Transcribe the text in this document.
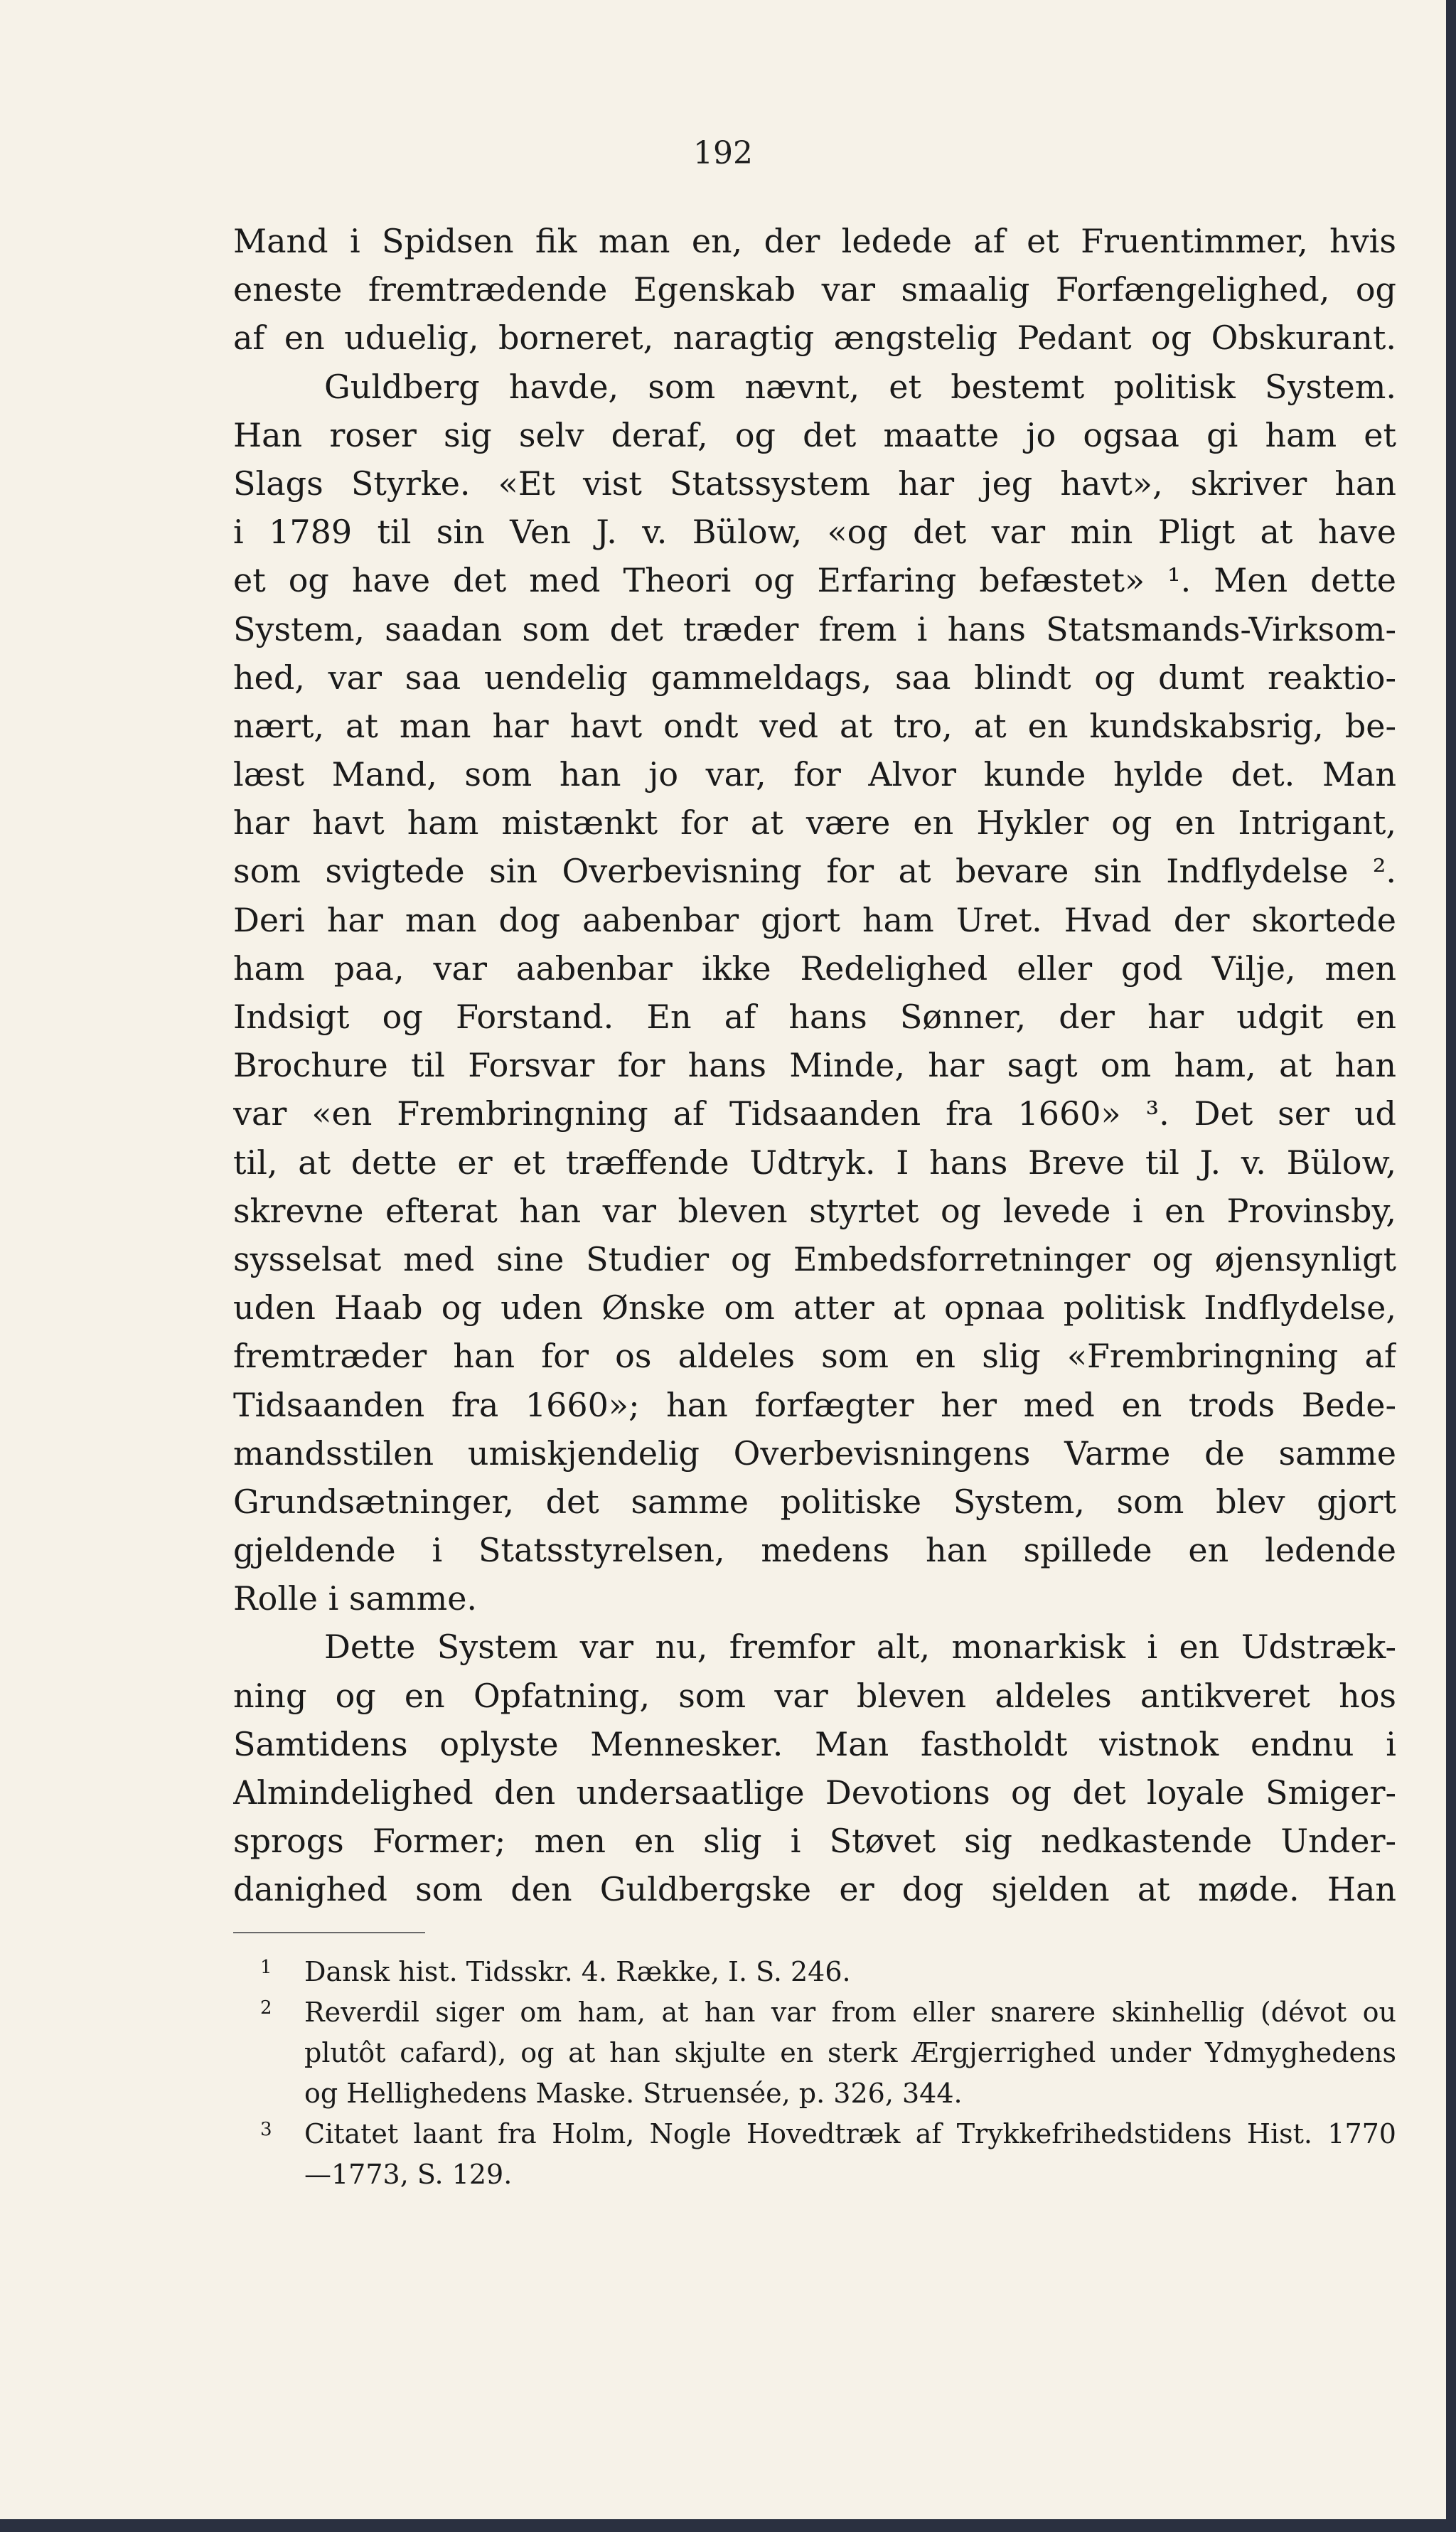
192
Mand i Spidsen fik man en, der ledede af et Fruentimmer, hvis
eneste fremtrædende Egenskab var smaalig Forfængelighed, og
af en uduelig, borneret, naragtig ængstelig Pedant og Obskurant.
Guldberg havde, som nævnt, et bestemt politisk System.
Han roser sig selv deraf, og det maatte jo ogsaa gi ham et
Slags Styrke. «Et vist Statssystem har jeg havt», skriver han
i 1789 til sin Ven J. v. Bülow, «og det var min Pligt at have
et og have det med Theori og Erfaring befæstet» ¹. Men dette
System, saadan som det træder frem i hans Statsmands-Virksom-
hed, var saa uendelig gammeldags, saa blindt og dumt reaktio-
nært, at man har havt ondt ved at tro, at en kundskabsrig, be-
læst Mand, som han jo var, for Alvor kunde hylde det. Man
har havt ham mistænkt for at være en Hykler og en Intrigant,
som svigtede sin Overbevisning for at bevare sin Indflydelse ².
Deri har man dog aabenbar gjort ham Uret. Hvad der skortede
ham paa, var aabenbar ikke Redelighed eller god Vilje, men
Indsigt og Forstand. En af hans Sønner, der har udgit en
Brochure til Forsvar for hans Minde, har sagt om ham, at han
var «en Frembringning af Tidsaanden fra 1660» ³. Det ser ud
til, at dette er et træffende Udtryk. I hans Breve til J. v. Bülow,
skrevne efterat han var bleven styrtet og levede i en Provinsby,
sysselsat med sine Studier og Embedsforretninger og øjensynligt
uden Haab og uden Ønske om atter at opnaa politisk Indflydelse,
fremtræder han for os aldeles som en slig «Frembringning af
Tidsaanden fra 1660»; han forfægter her med en trods Bede-
mandsstilen umiskjendelig Overbevisningens Varme de samme
Grundsætninger, det samme politiske System, som blev gjort
gjeldende i Statsstyrelsen, medens han spillede en ledende
Rolle i samme.
Dette System var nu, fremfor alt, monarkisk i en Udstræk-
ning og en Opfatning, som var bleven aldeles antikveret hos
Samtidens oplyste Mennesker. Man fastholdt vistnok endnu i
Almindelighed den undersaatlige Devotions og det loyale Smiger-
sprogs Former; men en slig i Støvet sig nedkastende Under-
danighed som den Guldbergske er dog sjelden at møde. Han
1 Dansk hist. Tidsskr. 4. Række, I. S. 246.
2 Reverdil siger om ham, at han var from eller snarere skinhellig (dévot ou
plutôt cafard), og at han skjulte en sterk Ærgjerrighed under Ydmyghedens
og Hellighedens Maske. Struensée, p. 326, 344.
3 Citatet laant fra Holm, Nogle Hovedtræk af Trykkefrihedstidens Hist. 1770
—1773, S. 129.
